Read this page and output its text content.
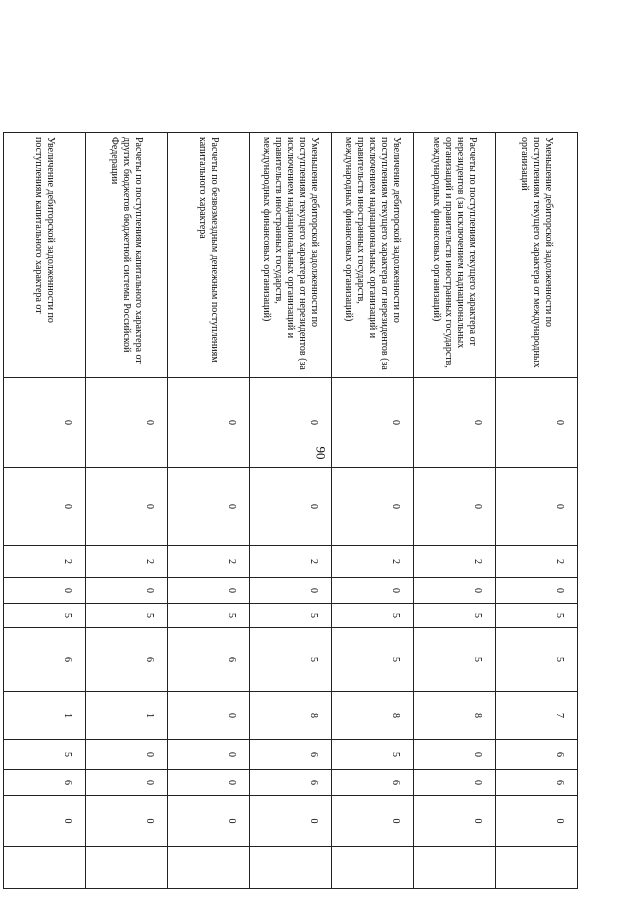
90
Уменьшение дебиторской задолженности по поступлениям текущего характера от международных организаций	0	0	2	0	5	5	7	6	6	0	
Расчеты по поступлениям текущего характера от нерезидентов (за исключением наднациональных организаций и правительств иностранных государств, международных финансовых организаций)	0	0	2	0	5	5	8	0	0	0	
Увеличение дебиторской задолженности по поступлениям текущего характера от нерезидентов (за исключением наднациональных организаций и правительств иностранных государств, международных финансовых организаций)	0	0	2	0	5	5	8	5	6	0	
Уменьшение дебиторской задолженности по поступлениям текущего характера от нерезидентов (за исключением наднациональных организаций и правительств иностранных государств, международных финансовых организаций)	0	0	2	0	5	5	8	6	6	0	
Расчеты по безвозмездным денежным поступлениям капитального характера	0	0	2	0	5	6	0	0	0	0	
Расчеты по поступлениям капитального характера от других бюджетов бюджетной системы Российской Федерации	0	0	2	0	5	6	1	0	0	0	
Увеличение дебиторской задолженности по поступлениям капитального характера от	0	0	2	0	5	6	1	5	6	0	
